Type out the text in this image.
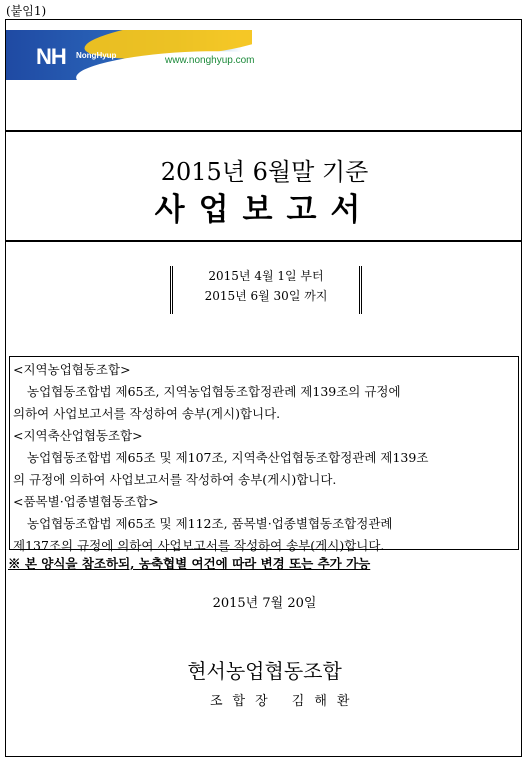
(붙임1)
NH NongHyup	www.nonghyup.com
2015년 6월말 기준
사업보고서
2015년 4월 1일 부터
2015년 6월 30일 까지
<지역농업협동조합>
농업협동조합법 제65조, 지역농업협동조합정관례 제139조의 규정에
의하여 사업보고서를 작성하여 송부(게시)합니다.
<지역축산업협동조합>
농업협동조합법 제65조 및 제107조, 지역축산업협동조합정관례 제139조
의 규정에 의하여 사업보고서를 작성하여 송부(게시)합니다.
<품목별·업종별협동조합>
농업협동조합법 제65조 및 제112조, 품목별·업종별협동조합정관례
제137조의 규정에 의하여 사업보고서를 작성하여 송부(게시)합니다.
※ 본 양식을 참조하되, 농축협별 여건에 따라 변경 또는 추가 가능
2015년 7월 20일
현서농업협동조합
조합장 김해환
